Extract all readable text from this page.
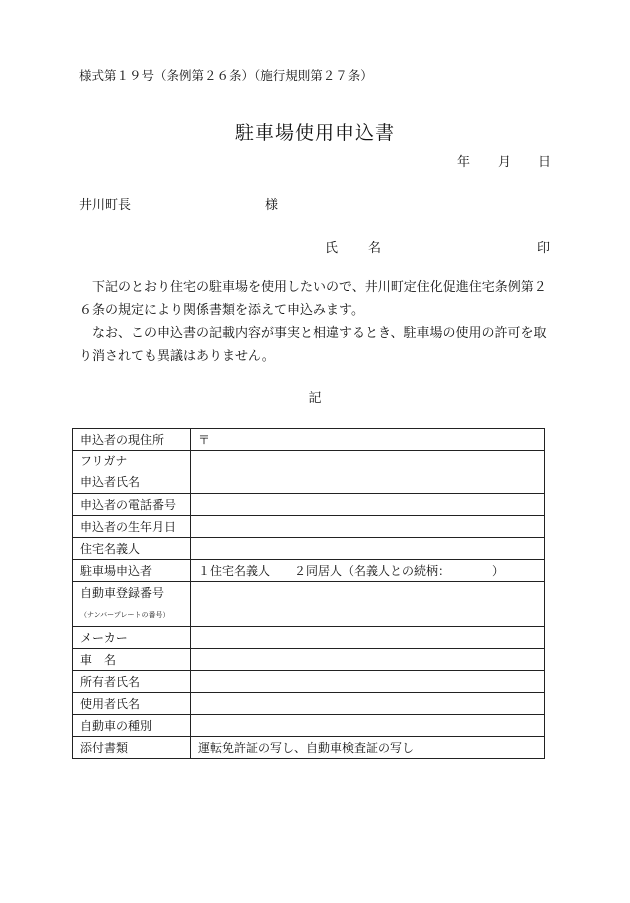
様式第１９号（条例第２６条）（施行規則第２７条）
駐車場使用申込書
年 月 日
井川町長	様
氏 名	印
　下記のとおり住宅の駐車場を使用したいので、井川町定住化促進住宅条例第２６条の規定により関係書類を添えて申込みます。
　なお、この申込書の記載内容が事実と相違するとき、駐車場の使用の許可を取り消されても異議はありません。
記
申込者の現住所	〒

フリガナ
申込者氏名	

申込者の電話番号	
申込者の生年月日	
住宅名義人	
駐車場申込者	１住宅名義人　　２同居人（名義人との続柄：　　　　）

自動車登録番号
（ナンバープレートの番号）	

メーカー	
車　名	
所有者氏名	
使用者氏名	
自動車の種別	
添付書類	運転免許証の写し、自動車検査証の写し
